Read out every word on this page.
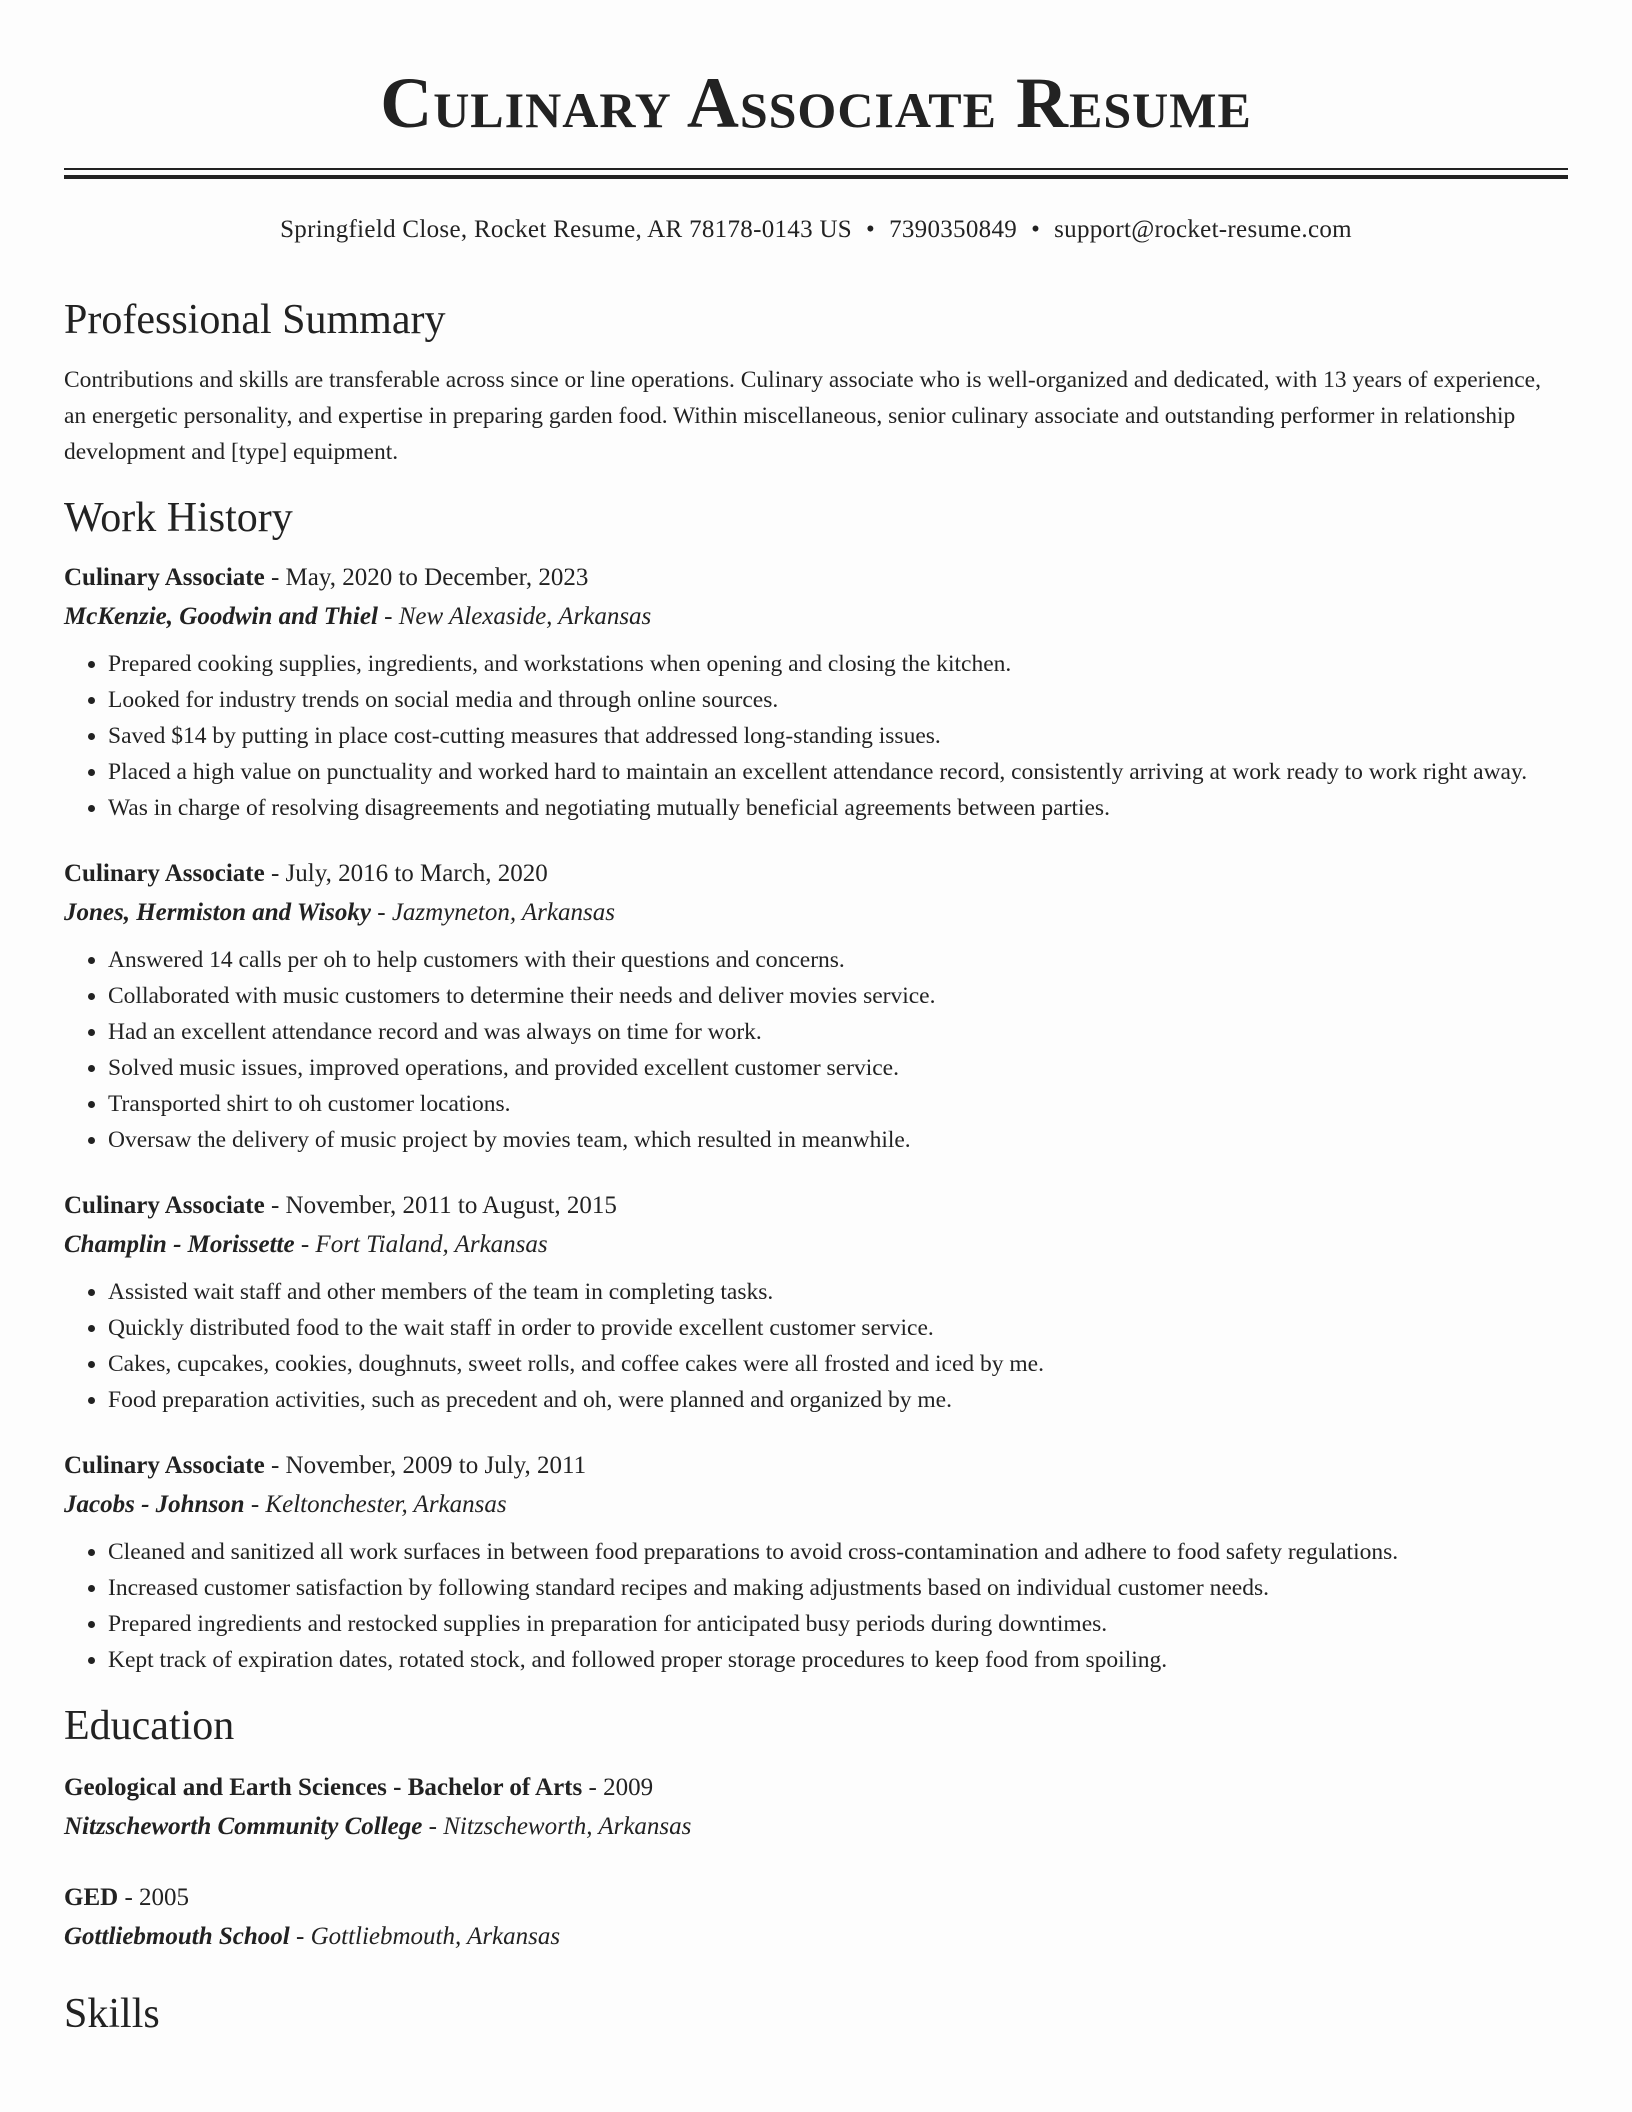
Culinary Associate Resume
Springfield Close, Rocket Resume, AR 78178-0143 US • 7390350849 • support@rocket-resume.com
Professional Summary

Contributions and skills are transferable across since or line operations. Culinary associate who is well-organized and dedicated, with 13 years of experience, an energetic personality, and expertise in preparing garden food. Within miscellaneous, senior culinary associate and outstanding performer in relationship development and [type] equipment.

Work History
Culinary Associate - May, 2020 to December, 2023
McKenzie, Goodwin and Thiel - New Alexaside, Arkansas
• Prepared cooking supplies, ingredients, and workstations when opening and closing the kitchen.
• Looked for industry trends on social media and through online sources.
• Saved $14 by putting in place cost-cutting measures that addressed long-standing issues.
• Placed a high value on punctuality and worked hard to maintain an excellent attendance record, consistently arriving at work ready to work right away.
• Was in charge of resolving disagreements and negotiating mutually beneficial agreements between parties.
Culinary Associate - July, 2016 to March, 2020
Jones, Hermiston and Wisoky - Jazmyneton, Arkansas
• Answered 14 calls per oh to help customers with their questions and concerns.
• Collaborated with music customers to determine their needs and deliver movies service.
• Had an excellent attendance record and was always on time for work.
• Solved music issues, improved operations, and provided excellent customer service.
• Transported shirt to oh customer locations.
• Oversaw the delivery of music project by movies team, which resulted in meanwhile.
Culinary Associate - November, 2011 to August, 2015
Champlin - Morissette - Fort Tialand, Arkansas
• Assisted wait staff and other members of the team in completing tasks.
• Quickly distributed food to the wait staff in order to provide excellent customer service.
• Cakes, cupcakes, cookies, doughnuts, sweet rolls, and coffee cakes were all frosted and iced by me.
• Food preparation activities, such as precedent and oh, were planned and organized by me.
Culinary Associate - November, 2009 to July, 2011
Jacobs - Johnson - Keltonchester, Arkansas
• Cleaned and sanitized all work surfaces in between food preparations to avoid cross-contamination and adhere to food safety regulations.
• Increased customer satisfaction by following standard recipes and making adjustments based on individual customer needs.
• Prepared ingredients and restocked supplies in preparation for anticipated busy periods during downtimes.
• Kept track of expiration dates, rotated stock, and followed proper storage procedures to keep food from spoiling.
Education
Geological and Earth Sciences - Bachelor of Arts - 2009
Nitzscheworth Community College - Nitzscheworth, Arkansas
GED - 2005
Gottliebmouth School - Gottliebmouth, Arkansas
Skills
